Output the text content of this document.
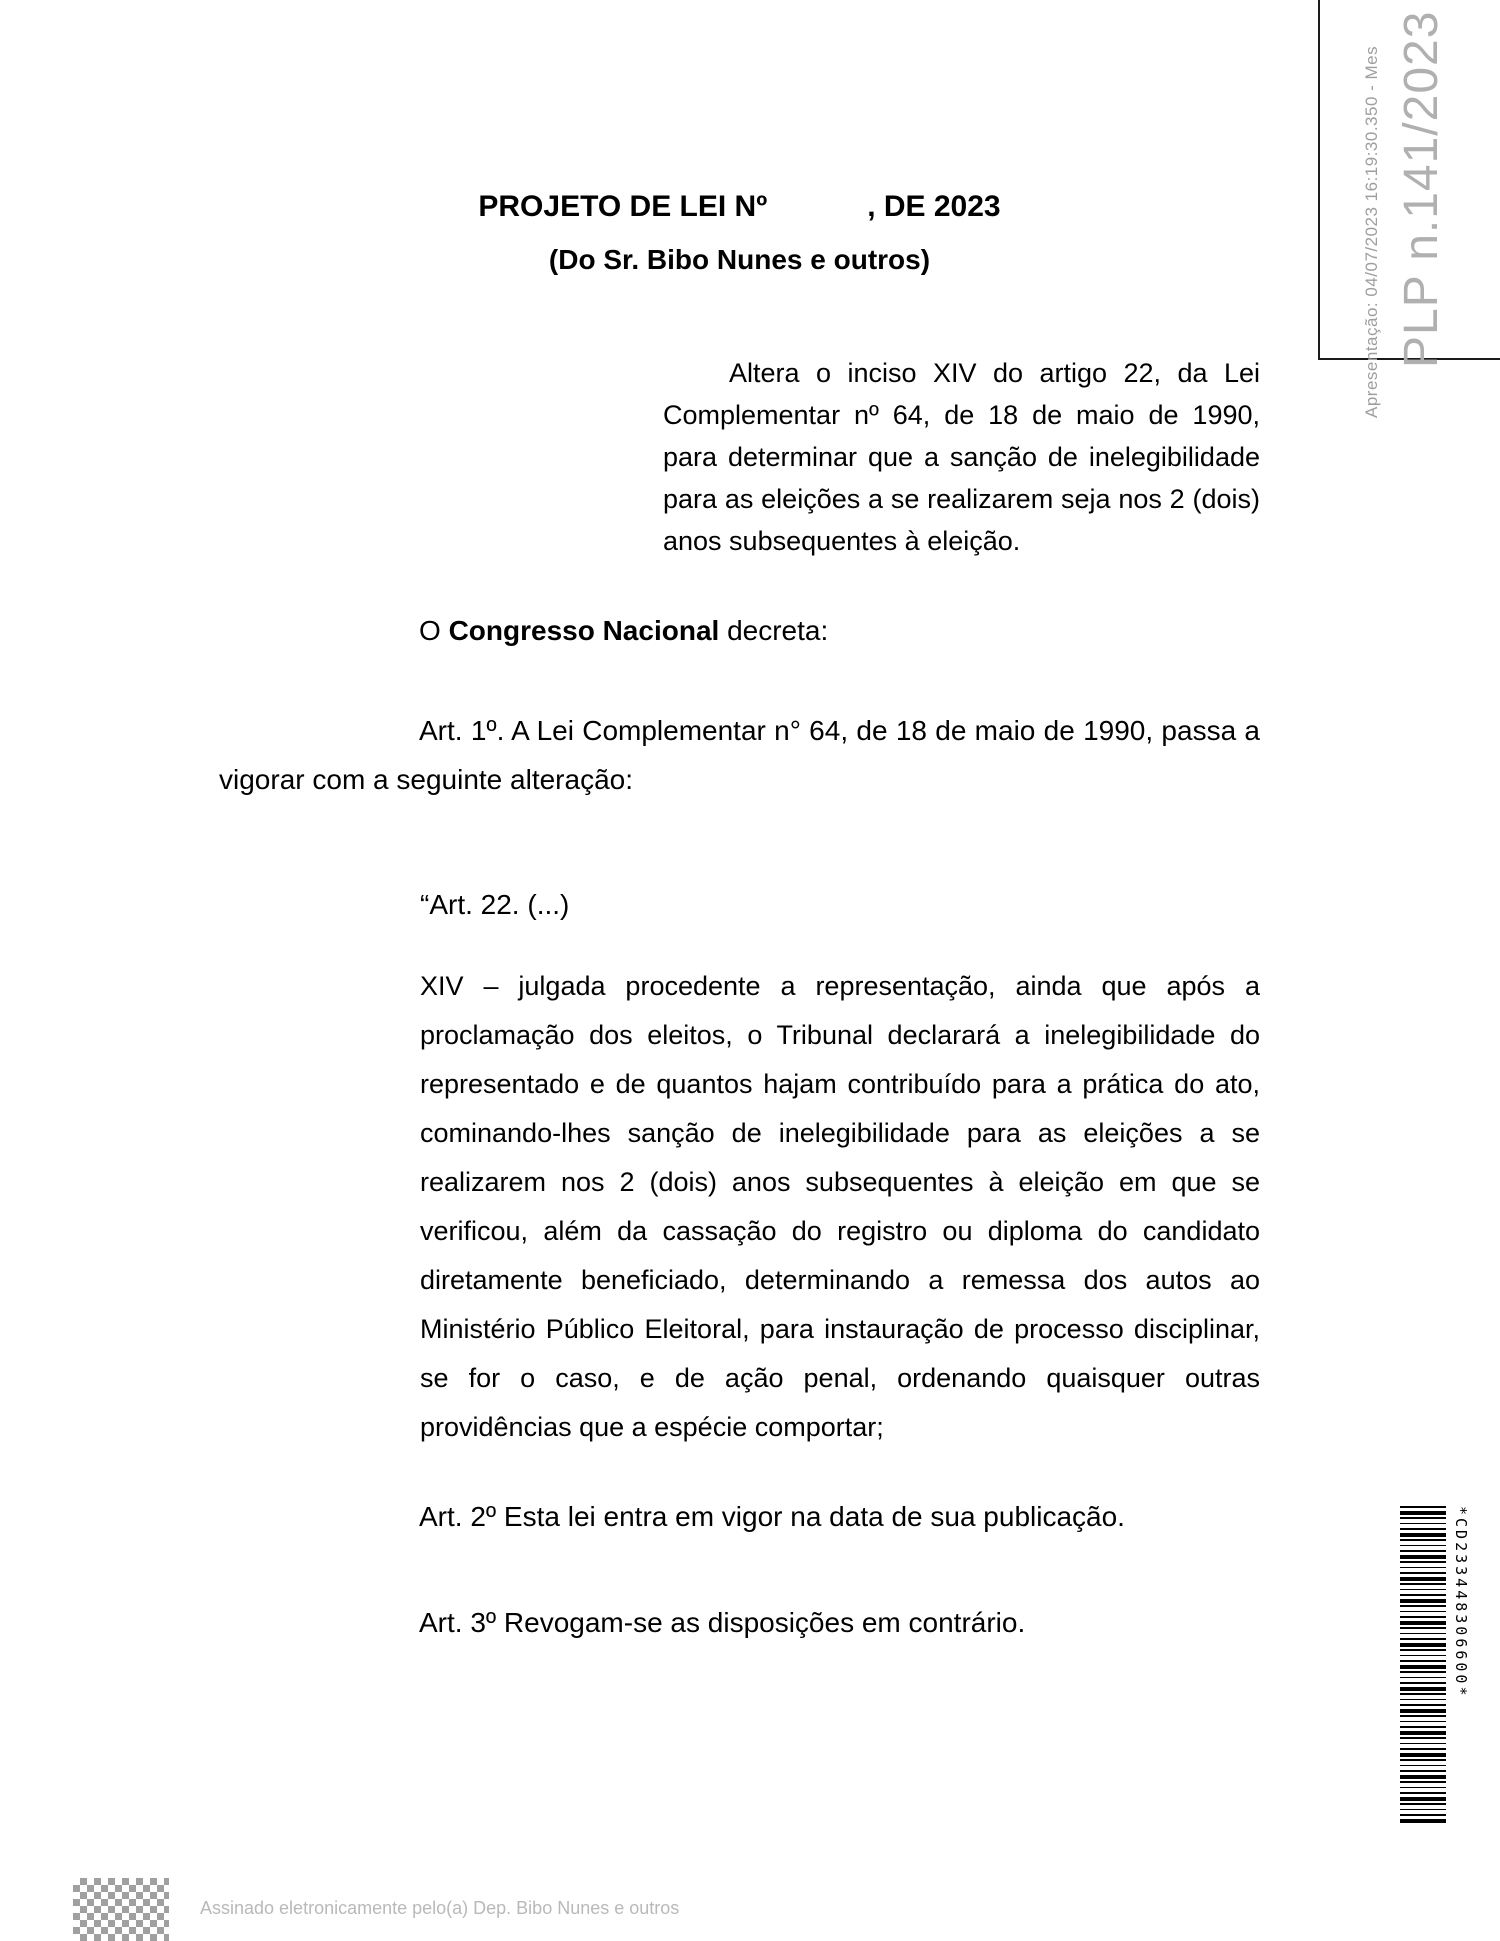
Apresentação: 04/07/2023 16:19:30.350 - Mes PLP n.141/2023
PROJETO DE LEI Nº            , DE 2023
(Do Sr. Bibo Nunes e outros)
Altera o inciso XIV do artigo 22, da Lei Complementar nº 64, de 18 de maio de 1990, para determinar que a sanção de inelegibilidade para as eleições a se realizarem seja nos 2 (dois) anos subsequentes à eleição.
O Congresso Nacional decreta:
Art. 1º. A Lei Complementar n° 64, de 18 de maio de 1990, passa a vigorar com a seguinte alteração:
“Art. 22. (...)
XIV – julgada procedente a representação, ainda que após a proclamação dos eleitos, o Tribunal declarará a inelegibilidade do representado e de quantos hajam contribuído para a prática do ato, cominando-lhes sanção de inelegibilidade para as eleições a se realizarem nos 2 (dois) anos subsequentes à eleição em que se verificou, além da cassação do registro ou diploma do candidato diretamente beneficiado, determinando a remessa dos autos ao Ministério Público Eleitoral, para instauração de processo disciplinar, se for o caso, e de ação penal, ordenando quaisquer outras providências que a espécie comportar;
Art. 2º Esta lei entra em vigor na data de sua publicação.
Art. 3º Revogam-se as disposições em contrário.	*CD233448306600*
Assinado eletronicamente pelo(a) Dep. Bibo Nunes e outros
